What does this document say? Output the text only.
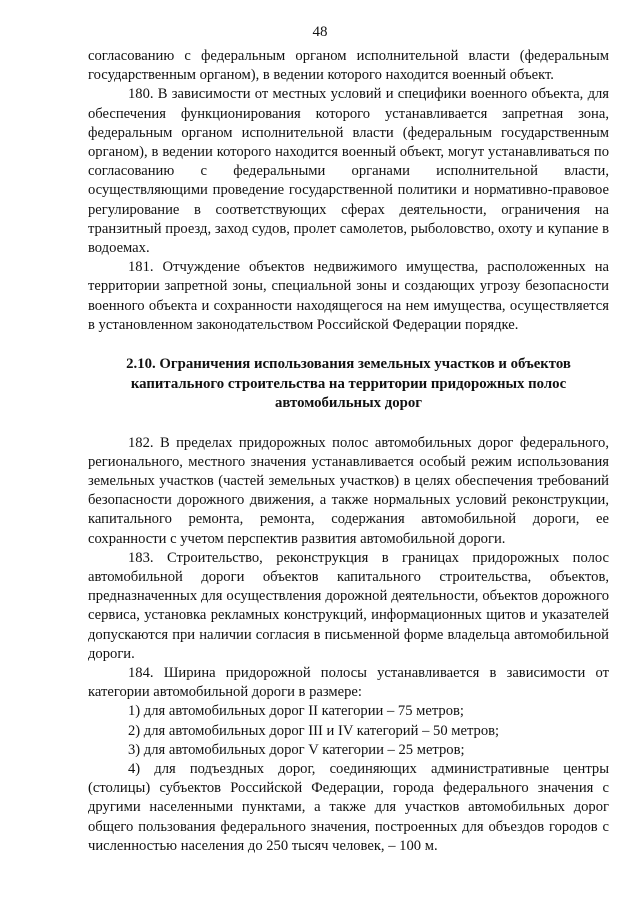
48

согласованию с федеральным органом исполнительной власти (федеральным государственным органом), в ведении которого находится военный объект.

180. В зависимости от местных условий и специфики военного объекта, для обеспечения функционирования которого устанавливается запретная зона, федеральным органом исполнительной власти (федеральным государственным органом), в ведении которого находится военный объект, могут устанавливаться по согласованию с федеральными органами исполнительной власти, осуществляющими проведение государственной политики и нормативно-правовое регулирование в соответствующих сферах деятельности, ограничения на транзитный проезд, заход судов, пролет самолетов, рыболовство, охоту и купание в водоемах.

181. Отчуждение объектов недвижимого имущества, расположенных на территории запретной зоны, специальной зоны и создающих угрозу безопасности военного объекта и сохранности находящегося на нем имущества, осуществляется в установленном законодательством Российской Федерации порядке.

2.10. Ограничения использования земельных участков и объектов
капитального строительства на территории придорожных полос
автомобильных дорог

182. В пределах придорожных полос автомобильных дорог федерального, регионального, местного значения устанавливается особый режим использования земельных участков (частей земельных участков) в целях обеспечения требований безопасности дорожного движения, а также нормальных условий реконструкции, капитального ремонта, ремонта, содержания автомобильной дороги, ее сохранности с учетом перспектив развития автомобильной дороги.

183. Строительство, реконструкция в границах придорожных полос автомобильной дороги объектов капитального строительства, объектов, предназначенных для осуществления дорожной деятельности, объектов дорожного сервиса, установка рекламных конструкций, информационных щитов и указателей допускаются при наличии согласия в письменной форме владельца автомобильной дороги.

184. Ширина придорожной полосы устанавливается в зависимости от категории автомобильной дороги в размере:

1) для автомобильных дорог II категории – 75 метров;

2) для автомобильных дорог III и IV категорий – 50 метров;

3) для автомобильных дорог V категории – 25 метров;

4) для подъездных дорог, соединяющих административные центры (столицы) субъектов Российской Федерации, города федерального значения с другими населенными пунктами, а также для участков автомобильных дорог общего пользования федерального значения, построенных для объездов городов с численностью населения до 250 тысяч человек, – 100 м.
